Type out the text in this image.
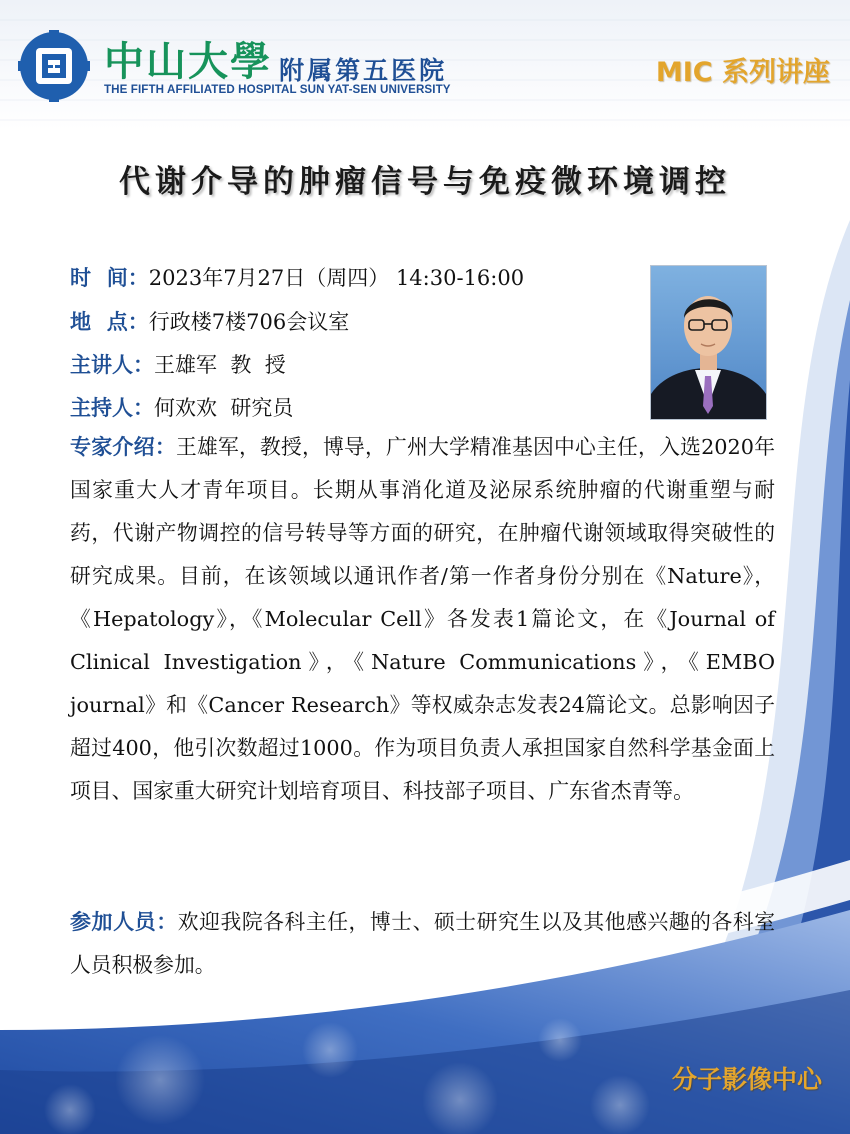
中山大學 附属第五医院
THE FIFTH AFFILIATED HOSPITAL SUN YAT-SEN UNIVERSITY
MIC 系列讲座
代谢介导的肿瘤信号与免疫微环境调控
时间：2023年7月27日（周四） 14:30-16:00
地点：行政楼7楼706会议室
主讲人：王雄军  教  授
主持人：何欢欢  研究员
专家介绍：王雄军，教授，博导，广州大学精准基因中心主任，入选2020年国家重大人才青年项目。长期从事消化道及泌尿系统肿瘤的代谢重塑与耐药，代谢产物调控的信号转导等方面的研究，在肿瘤代谢领域取得突破性的研究成果。目前，在该领域以通讯作者/第一作者身份分别在《Nature》，《Hepatology》，《Molecular Cell》各发表1篇论文，在《Journal of Clinical Investigation》，《Nature Communications》，《EMBO journal》和《Cancer Research》等权威杂志发表24篇论文。总影响因子超过400，他引次数超过1000。作为项目负责人承担国家自然科学基金面上项目、国家重大研究计划培育项目、科技部子项目、广东省杰青等。
参加人员：欢迎我院各科主任，博士、硕士研究生以及其他感兴趣的各科室人员积极参加。
分子影像中心
